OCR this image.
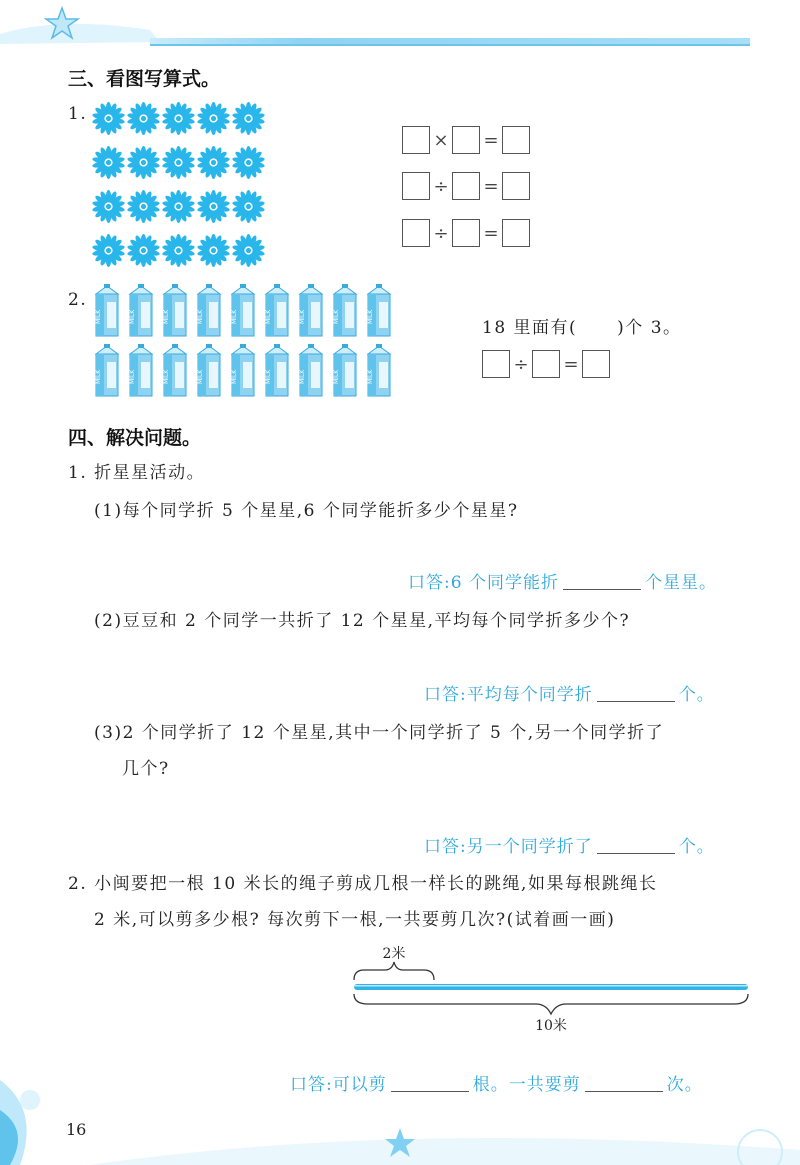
三、看图写算式。
1.
× =
÷ =
÷ =
2.
MILK	MILK	MILK	MILK	MILK	MILK	MILK	MILK	MILK
MILK	MILK	MILK	MILK	MILK	MILK	MILK	MILK	MILK
18 里面有( )个 3。
÷ =
四、解决问题。
1. 折星星活动。
(1)每个同学折 5 个星星,6 个同学能折多少个星星?
口答:6 个同学能折	个星星。
(2)豆豆和 2 个同学一共折了 12 个星星,平均每个同学折多少个?
口答:平均每个同学折	个。
(3)2 个同学折了 12 个星星,其中一个同学折了 5 个,另一个同学折了
几个?
口答:另一个同学折了	个。
2. 小闽要把一根 10 米长的绳子剪成几根一样长的跳绳,如果每根跳绳长
2 米,可以剪多少根? 每次剪下一根,一共要剪几次?(试着画一画)
2米
10米
口答:可以剪	根。一共要剪	次。
16
